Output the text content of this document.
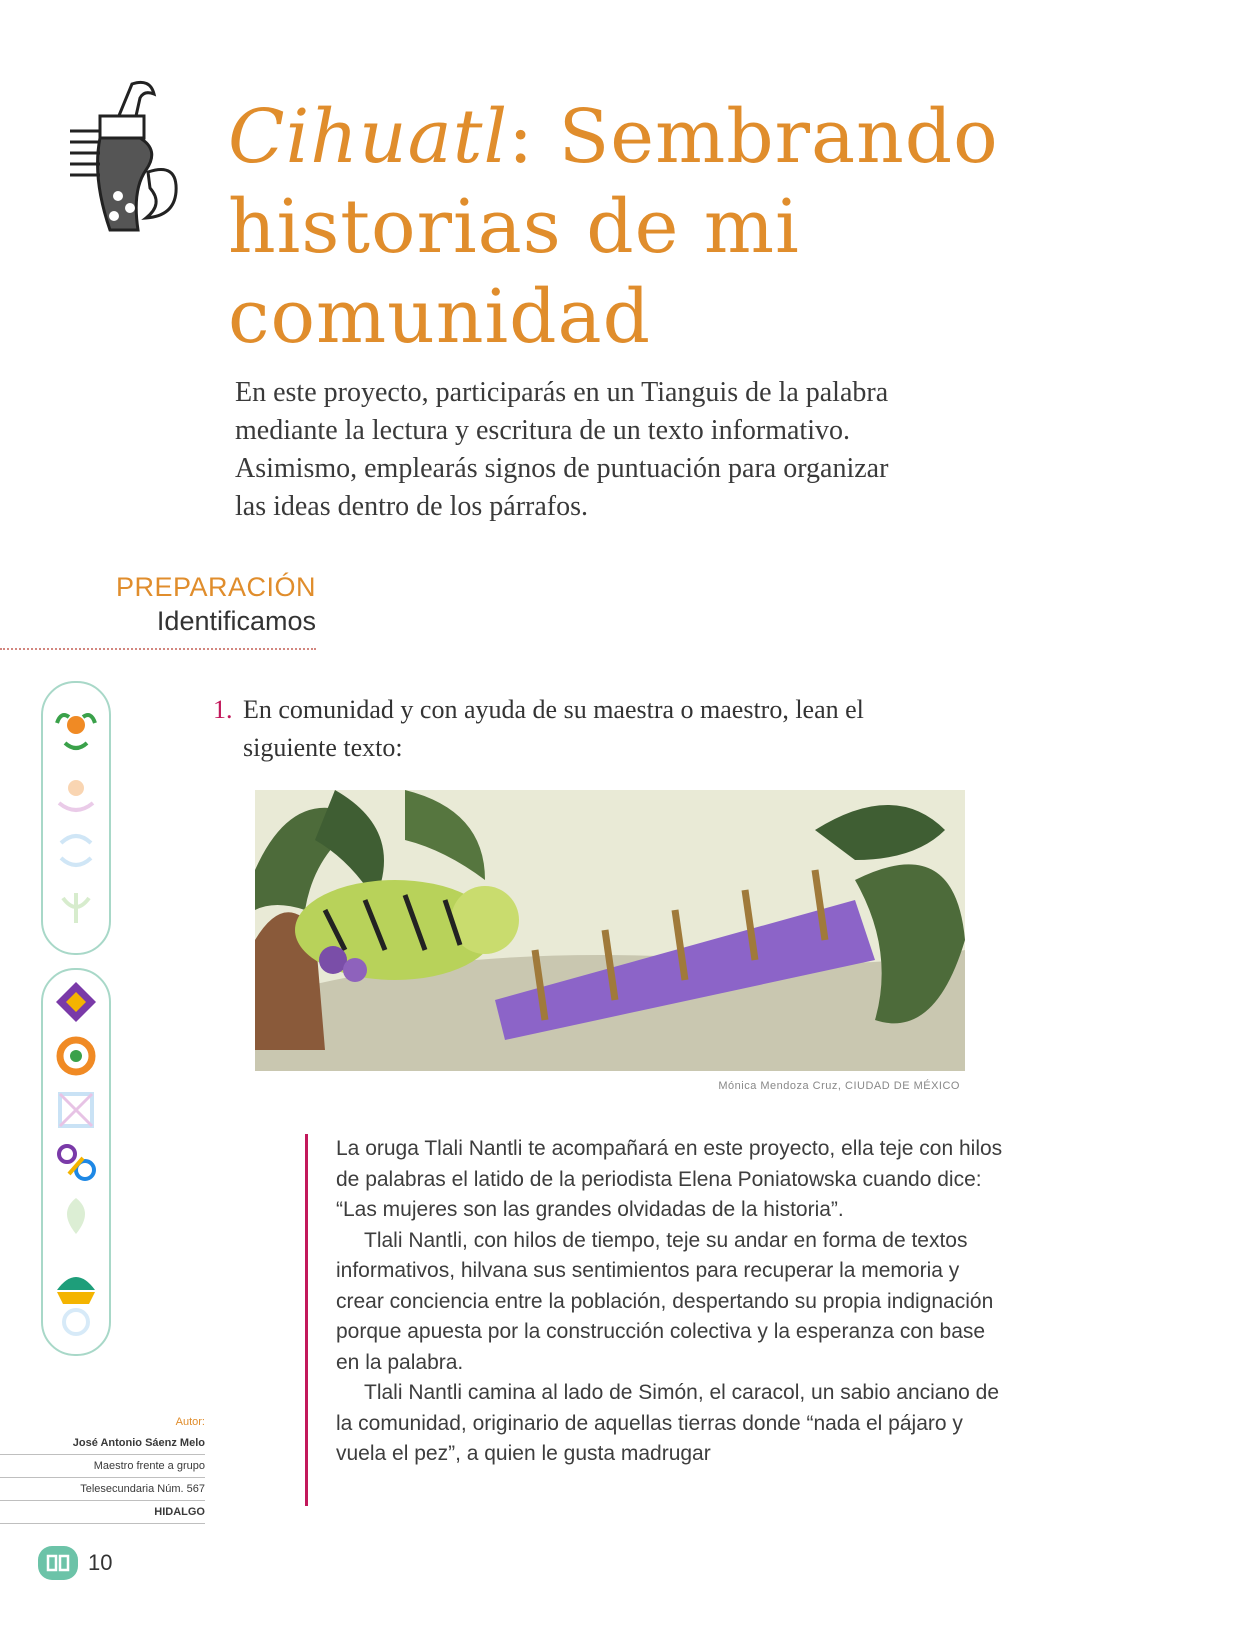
Cihuatl: Sembrando
historias de mi
comunidad

En este proyecto, participarás en un Tianguis de la palabra mediante la lectura y escritura de un texto informativo. Asimismo, emplearás signos de puntuación para organizar las ideas dentro de los párrafos.

PREPARACIÓN
Identificamos
1. En comunidad y con ayuda de su maestra o maestro, lean el siguiente texto:
Mónica Mendoza Cruz, CIUDAD DE MÉXICO

La oruga Tlali Nantli te acompañará en este proyecto, ella teje con hilos de palabras el latido de la periodista Elena Poniatowska cuando dice: “Las mujeres son las grandes olvidadas de la historia”.

Tlali Nantli, con hilos de tiempo, teje su andar en forma de textos informativos, hilvana sus sentimientos para recuperar la memoria y crear conciencia entre la población, despertando su propia indignación porque apuesta por la construcción colectiva y la esperanza con base en la palabra.

Tlali Nantli camina al lado de Simón, el caracol, un sabio anciano de la comunidad, originario de aquellas tierras donde “nada el pájaro y vuela el pez”, a quien le gusta madrugar

Autor:
José Antonio Sáenz Melo
Maestro frente a grupo
Telesecundaria Núm. 567
HIDALGO
10
